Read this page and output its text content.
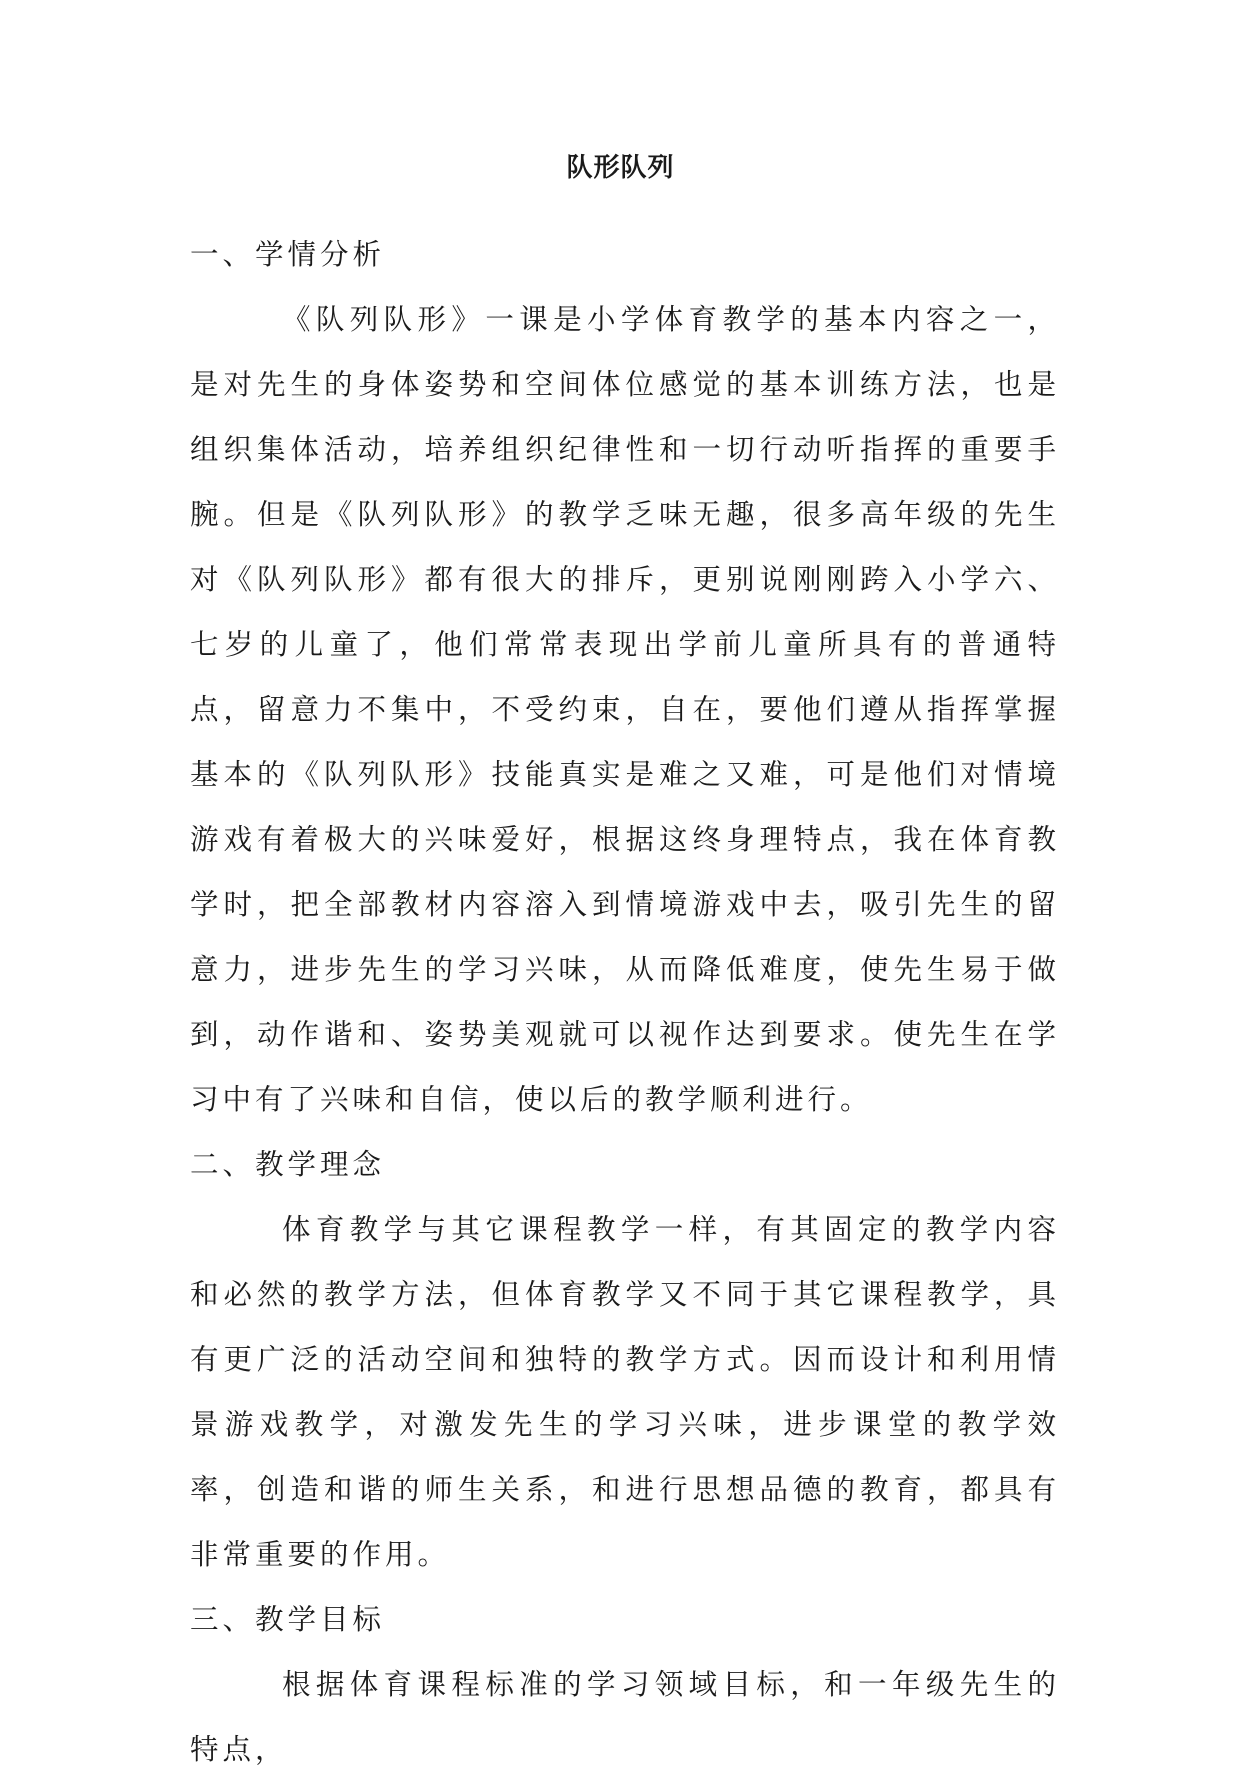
队形队列
一、学情分析

《队列队形》一课是小学体育教学的基本内容之一，是对先生的身体姿势和空间体位感觉的基本训练方法，也是组织集体活动，培养组织纪律性和一切行动听指挥的重要手腕。但是《队列队形》的教学乏味无趣，很多高年级的先生对《队列队形》都有很大的排斥，更别说刚刚跨入小学六、七岁的儿童了，他们常常表现出学前儿童所具有的普通特点，留意力不集中，不受约束，自在，要他们遵从指挥掌握基本的《队列队形》技能真实是难之又难，可是他们对情境游戏有着极大的兴味爱好，根据这终身理特点，我在体育教学时，把全部教材内容溶入到情境游戏中去，吸引先生的留意力，进步先生的学习兴味，从而降低难度，使先生易于做到，动作谐和、姿势美观就可以视作达到要求。使先生在学习中有了兴味和自信，使以后的教学顺利进行。

二、教学理念

体育教学与其它课程教学一样，有其固定的教学内容和必然的教学方法，但体育教学又不同于其它课程教学，具有更广泛的活动空间和独特的教学方式。因而设计和利用情景游戏教学，对激发先生的学习兴味，进步课堂的教学效率，创造和谐的师生关系，和进行思想品德的教育，都具有非常重要的作用。

三、教学目标

根据体育课程标准的学习领域目标，和一年级先生的特点，
